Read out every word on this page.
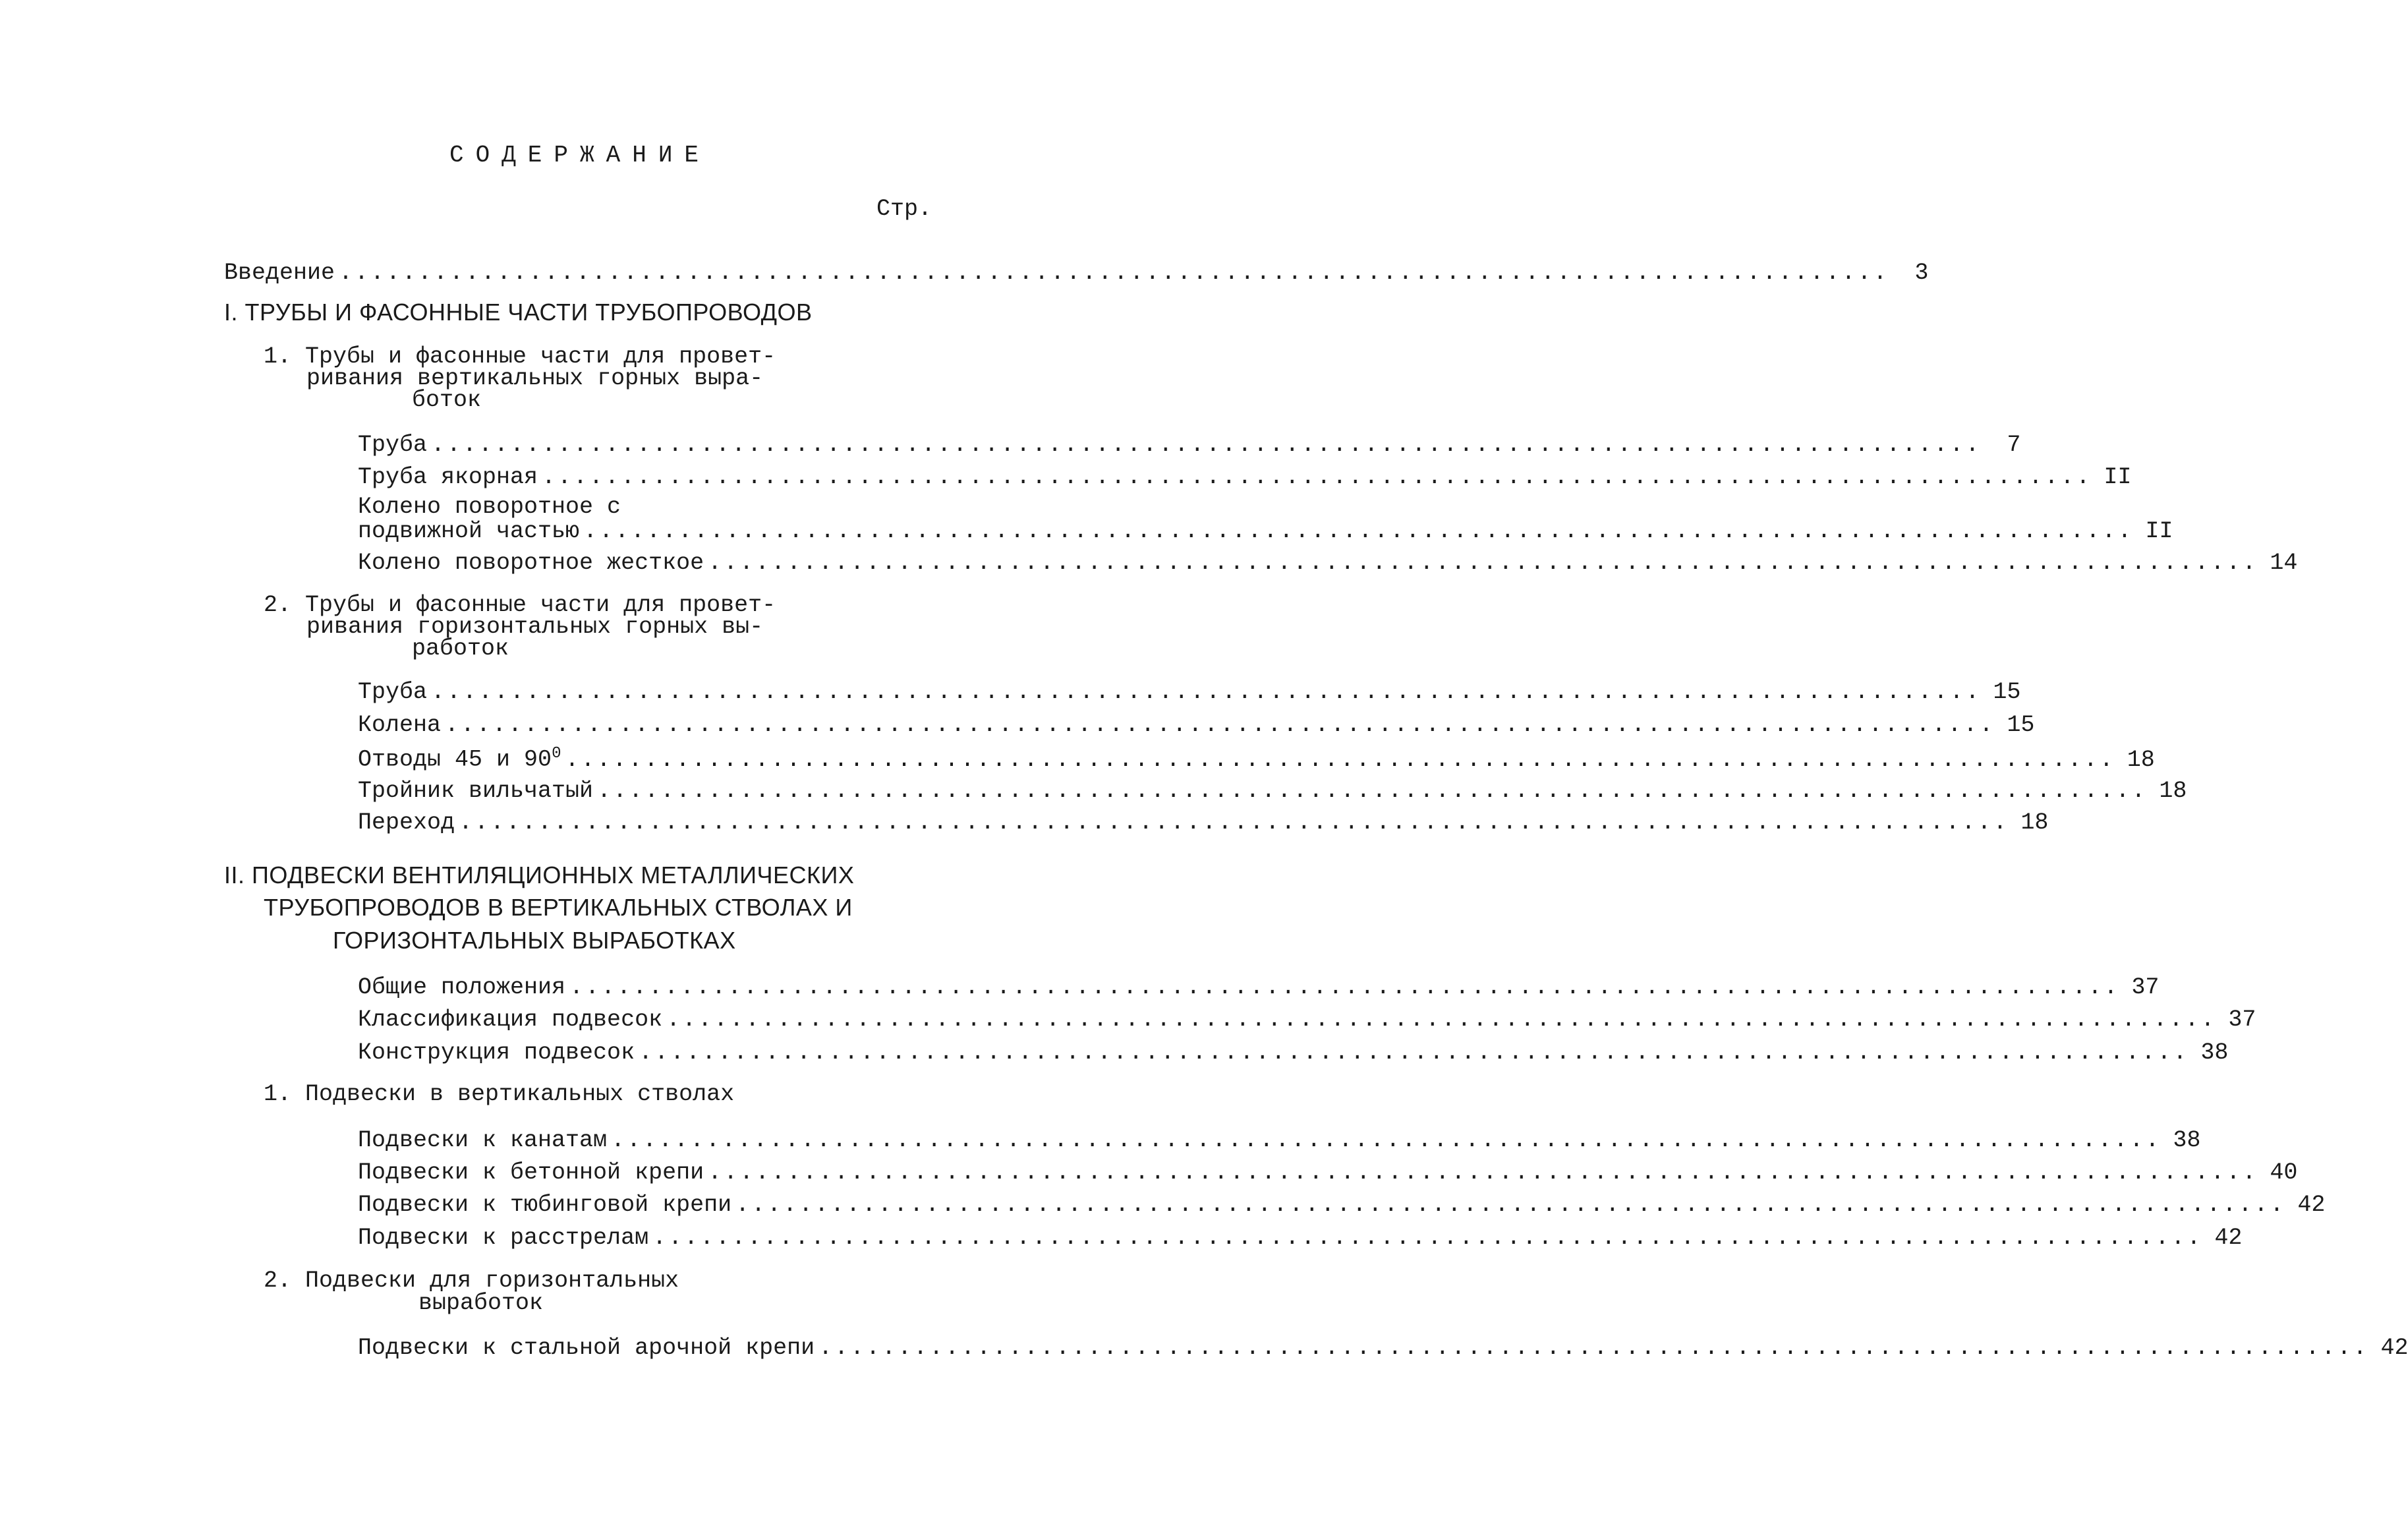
СОДЕРЖАНИЕ
Стр.
Введение ..................................................................................................	3
I. ТРУБЫ И ФАСОННЫЕ ЧАСТИ ТРУБОПРОВОДОВ
1. Трубы и фасонные части для провет-
ривания вертикальных горных выра-
боток
Труба ..................................................................................................	7
Труба якорная .................................................................................................. II
Колено поворотное с
подвижной частью .................................................................................................. II
Колено поворотное жесткое .................................................................................................. 14
2. Трубы и фасонные части для провет-
ривания горизонтальных горных вы-
работок
Труба .................................................................................................. 15
Колена .................................................................................................. 15
Отводы 45 и $90^0$ .................................................................................................. 18
Тройник вильчатый .................................................................................................. 18
Переход .................................................................................................. 18
II. ПОДВЕСКИ ВЕНТИЛЯЦИОННЫХ МЕТАЛЛИЧЕСКИХ
ТРУБОПРОВОДОВ В ВЕРТИКАЛЬНЫХ СТВОЛАХ И
ГОРИЗОНТАЛЬНЫХ ВЫРАБОТКАХ
Общие положения .................................................................................................. 37
Классификация подвесок .................................................................................................. 37
Конструкция подвесок .................................................................................................. 38
1. Подвески в вертикальных стволах
Подвески к канатам .................................................................................................. 38
Подвески к бетонной крепи .................................................................................................. 40
Подвески к тюбинговой крепи .................................................................................................. 42
Подвески к расстрелам .................................................................................................. 42
2. Подвески для горизонтальных
выработок
Подвески к стальной арочной крепи .................................................................................................. 42
